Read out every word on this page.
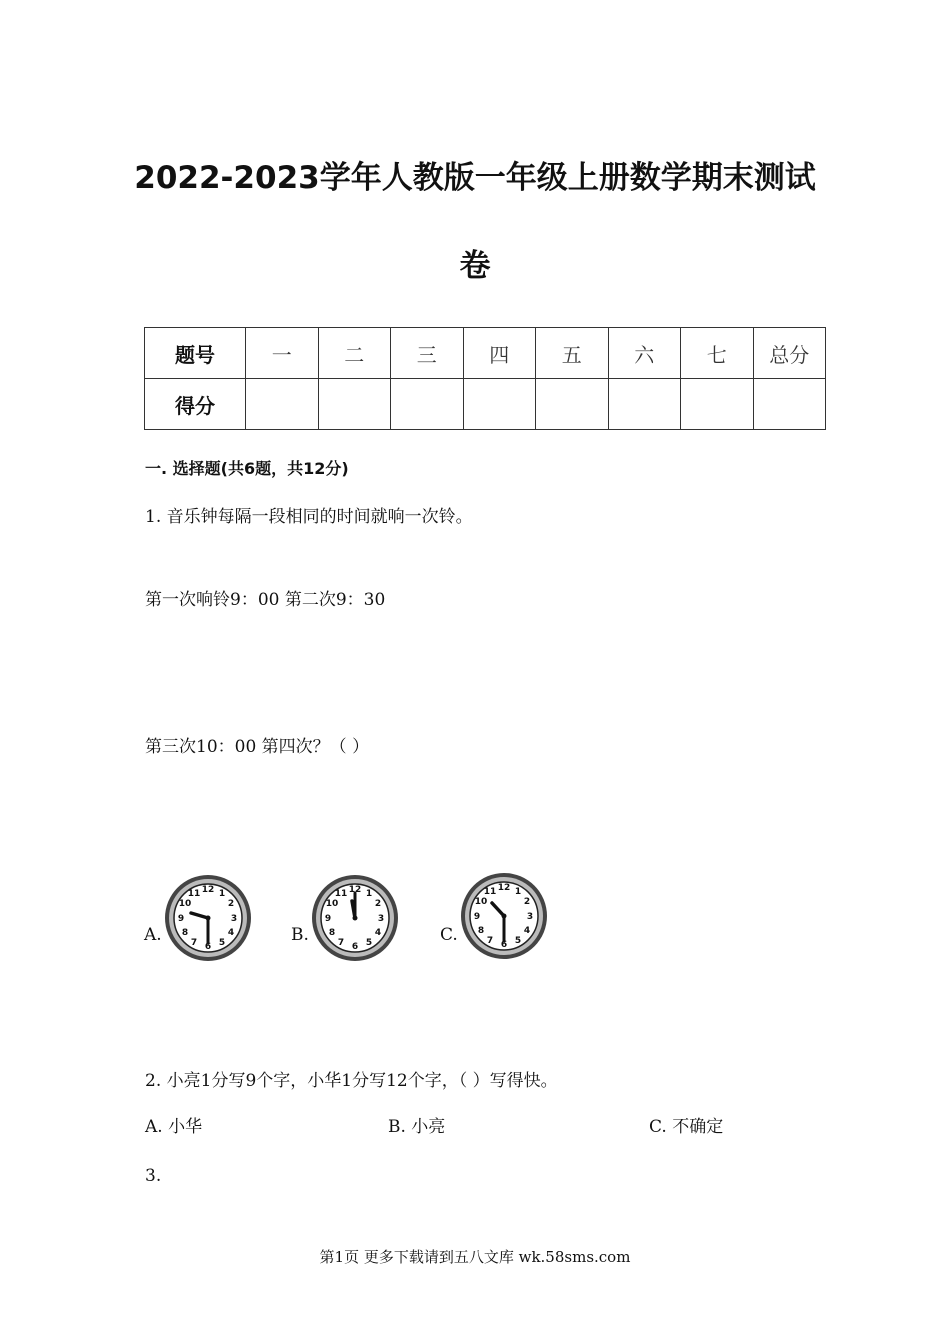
2022-2023学年人教版一年级上册数学期末测试
卷
题号	一	二	三	四	五	六	七	总分
得分								
一. 选择题(共6题，共12分)
1. 音乐钟每隔一段相同的时间就响一次铃。
第一次响铃9：00 第二次9：30
第三次10：00 第四次？（ ）
A.
12 1
2
3
4
5
6
7
8
9
10
11
B.
12 1
2
3
4
5
6
7
8
9
10
11
C.
12 1
2
3
4
5
6
7
8
9
10
11
2. 小亮1分写9个字，小华1分写12个字，（ ）写得快。
A. 小华	B. 小亮	C. 不确定
3.
第1页 更多下载请到五八文库 wk.58sms.com
